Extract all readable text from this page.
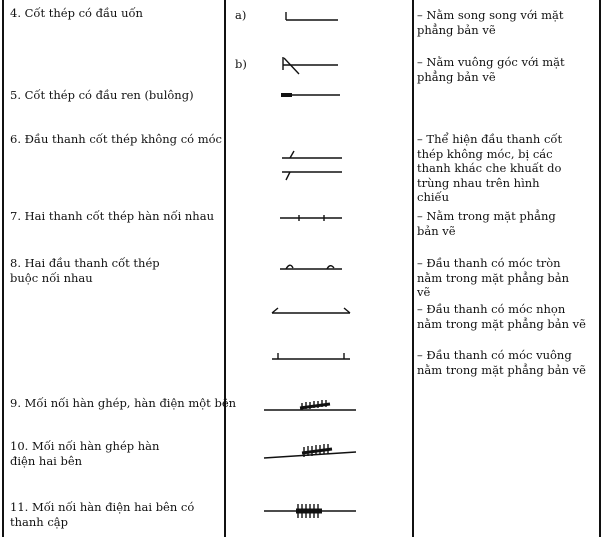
4. Cốt thép có đầu uốn
5. Cốt thép có đầu ren (bulông)
6. Đầu thanh cốt thép không có móc
7. Hai thanh cốt thép hàn nối nhau
8. Hai đầu thanh cốt thép buộc nối nhau
9. Mối nối hàn ghép, hàn điện một bên
10. Mối nối hàn ghép hàn điện hai bên
11. Mối nối hàn điện hai bên có thanh cập
a)
b)
– Nằm song song với mặt phẳng bản vẽ
– Nằm vuông góc với mặt phẳng bản vẽ
– Thể hiện đầu thanh cốt thép không móc, bị các thanh khác che khuất do trùng nhau trên hình chiếu
– Nằm trong mặt phẳng bản vẽ
– Đầu thanh có móc tròn nằm trong mặt phẳng bản vẽ
– Đầu thanh có móc nhọn nằm trong mặt phẳng bản vẽ
– Đầu thanh có móc vuông nằm trong mặt phẳng bản vẽ
